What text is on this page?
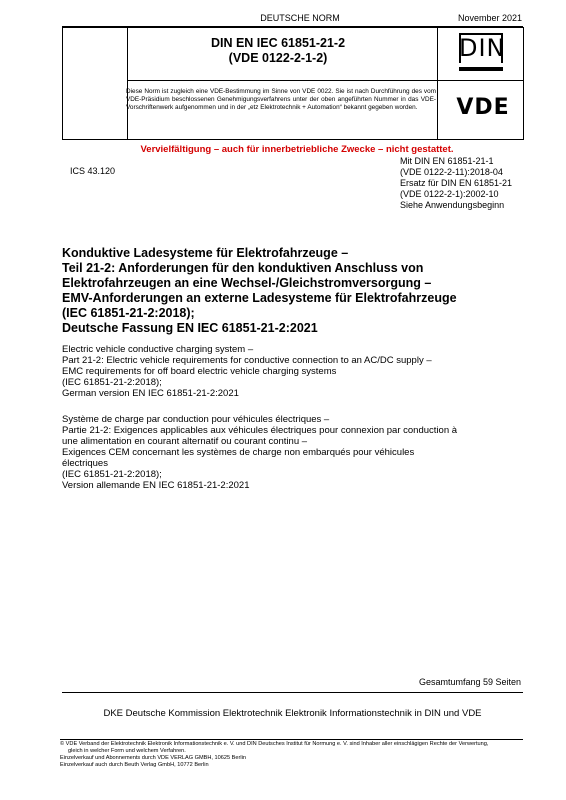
DEUTSCHE NORM	November 2021
DIN EN IEC 61851-21-2
(VDE 0122-2-1-2)
Diese Norm ist zugleich eine VDE-Bestimmung im Sinne von VDE 0022. Sie ist nach Durchführung des vom VDE-Präsidium beschlossenen Genehmigungsverfahrens unter der oben angeführten Nummer in das VDE-Vorschriftenwerk aufgenommen und in der „etz Elektrotechnik + Automation“ bekannt gegeben worden.
DIN
VDE
Vervielfältigung – auch für innerbetriebliche Zwecke – nicht gestattet.
ICS 43.120
Mit DIN EN 61851-21-1
(VDE 0122-2-11):2018-04
Ersatz für DIN EN 61851-21
(VDE 0122-2-1):2002-10
Siehe Anwendungsbeginn
Konduktive Ladesysteme für Elektrofahrzeuge –
Teil 21-2: Anforderungen für den konduktiven Anschluss von
Elektrofahrzeugen an eine Wechsel-/Gleichstromversorgung –
EMV-Anforderungen an externe Ladesysteme für Elektrofahrzeuge
(IEC 61851-21-2:2018);
Deutsche Fassung EN IEC 61851-21-2:2021
Electric vehicle conductive charging system –
Part 21-2: Electric vehicle requirements for conductive connection to an AC/DC supply –
EMC requirements for off board electric vehicle charging systems
(IEC 61851-21-2:2018);
German version EN IEC 61851-21-2:2021
Système de charge par conduction pour véhicules électriques –
Partie 21-2: Exigences applicables aux véhicules électriques pour connexion par conduction à
une alimentation en courant alternatif ou courant continu –
Exigences CEM concernant les systèmes de charge non embarqués pour véhicules
électriques
(IEC 61851-21-2:2018);
Version allemande EN IEC 61851-21-2:2021
Gesamtumfang 59 Seiten
DKE Deutsche Kommission Elektrotechnik Elektronik Informationstechnik in DIN und VDE
© VDE Verband der Elektrotechnik Elektronik Informationstechnik e. V. und DIN Deutsches Institut für Normung e. V. sind Inhaber aller einschlägigen Rechte der Verwertung,
gleich in welcher Form und welchem Verfahren.
Einzelverkauf und Abonnements durch VDE VERLAG GMBH, 10625 Berlin
Einzelverkauf auch durch Beuth Verlag GmbH, 10772 Berlin
